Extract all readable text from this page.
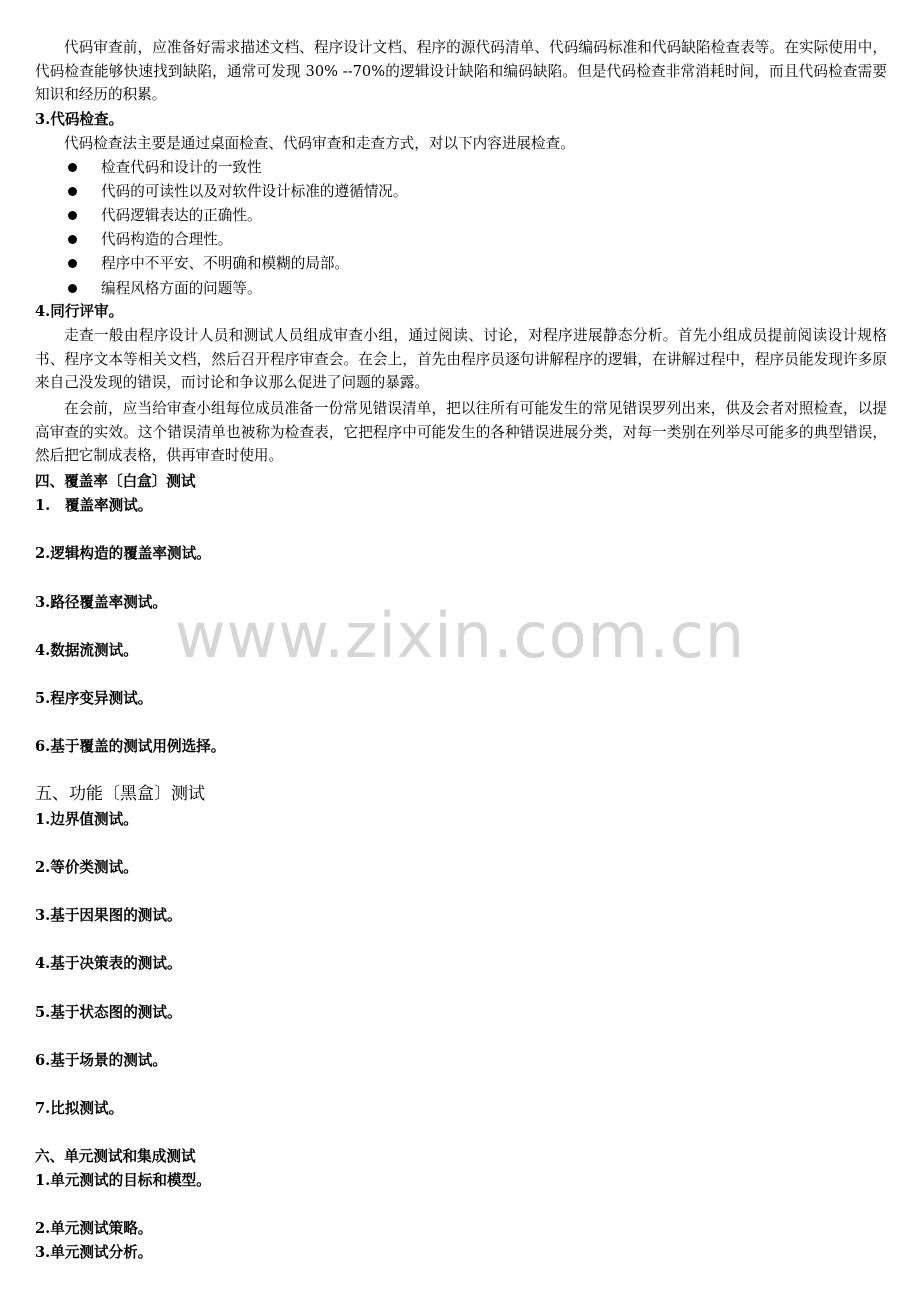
www.zixin.com.cn

代码审查前，应准备好需求描述文档、程序设计文档、程序的源代码清单、代码编码标准和代码缺陷检查表等。在实际使用中，代码检查能够快速找到缺陷，通常可发现 30% --70%的逻辑设计缺陷和编码缺陷。但是代码检查非常消耗时间，而且代码检查需要知识和经历的积累。

3.代码检查。

代码检查法主要是通过桌面检查、代码审查和走查方式，对以下内容进展检查。

检查代码和设计的一致性
代码的可读性以及对软件设计标准的遵循情况。
代码逻辑表达的正确性。
代码构造的合理性。
程序中不平安、不明确和模糊的局部。
编程风格方面的问题等。
4.同行评审。

走查一般由程序设计人员和测试人员组成审查小组，通过阅读、讨论，对程序进展静态分析。首先小组成员提前阅读设计规格书、程序文本等相关文档，然后召开程序审查会。在会上，首先由程序员逐句讲解程序的逻辑，在讲解过程中，程序员能发现许多原来自己没发现的错误，而讨论和争议那么促进了问题的暴露。

在会前，应当给审查小组每位成员准备一份常见错误清单，把以往所有可能发生的常见错误罗列出来，供及会者对照检查，以提高审查的实效。这个错误清单也被称为检查表，它把程序中可能发生的各种错误进展分类，对每一类别在列举尽可能多的典型错误，然后把它制成表格，供再审查时使用。

四、覆盖率〔白盒〕测试
1.　覆盖率测试。
2.逻辑构造的覆盖率测试。
3.路径覆盖率测试。
4.数据流测试。
5.程序变异测试。
6.基于覆盖的测试用例选择。
五、功能〔黑盒〕测试
1.边界值测试。
2.等价类测试。
3.基于因果图的测试。
4.基于决策表的测试。
5.基于状态图的测试。
6.基于场景的测试。
7.比拟测试。
六、单元测试和集成测试
1.单元测试的目标和模型。
2.单元测试策略。
3.单元测试分析。
